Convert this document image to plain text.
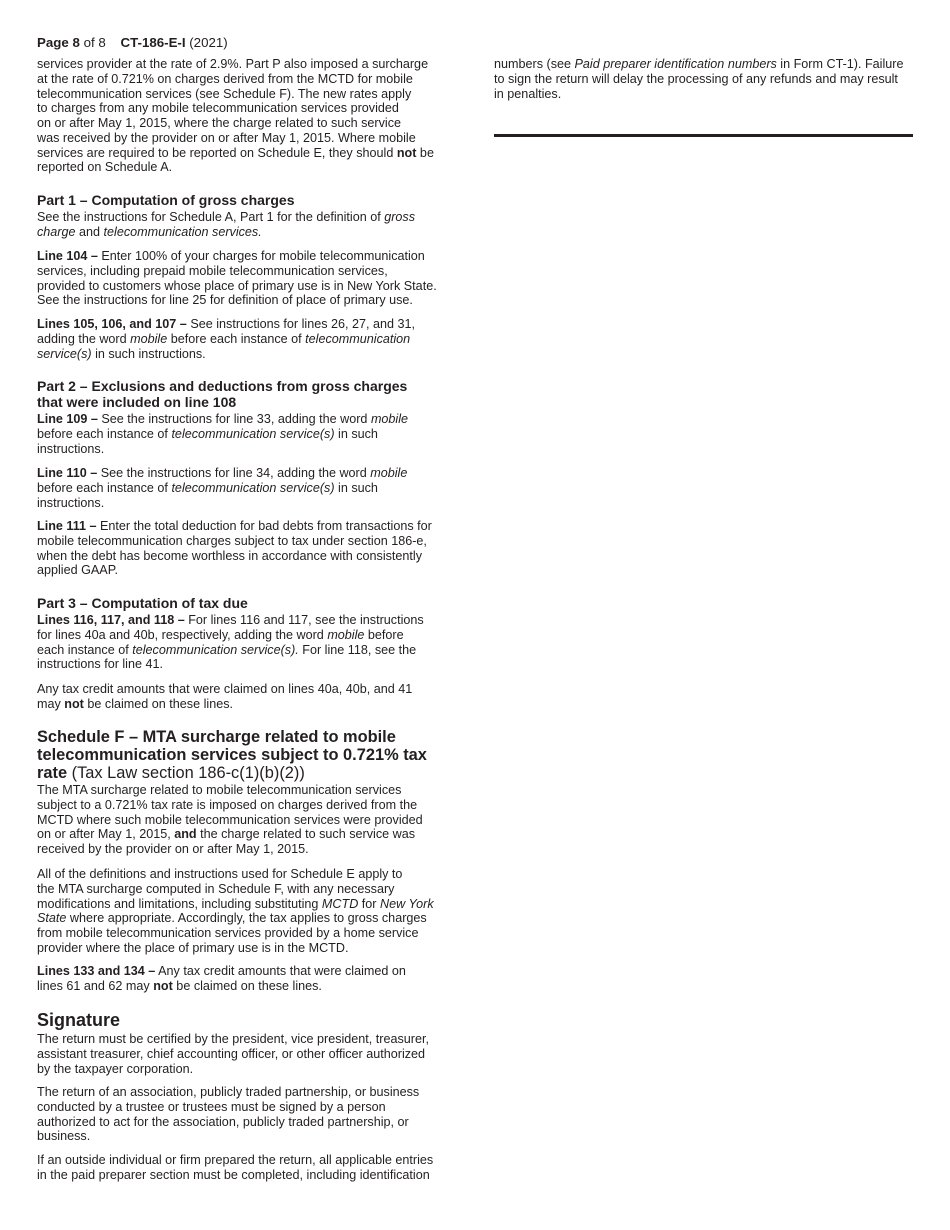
Page 8 of 8 CT-186-E-I (2021)
services provider at the rate of 2.9%. Part P also imposed a surcharge
at the rate of 0.721% on charges derived from the MCTD for mobile
telecommunication services (see Schedule F). The new rates apply
to charges from any mobile telecommunication services provided
on or after May 1, 2015, where the charge related to such service
was received by the provider on or after May 1, 2015. Where mobile
services are required to be reported on Schedule E, they should not be
reported on Schedule A.
Part 1 – Computation of gross charges
See the instructions for Schedule A, Part 1 for the definition of gross
charge and telecommunication services.
Line 104 – Enter 100% of your charges for mobile telecommunication
services, including prepaid mobile telecommunication services,
provided to customers whose place of primary use is in New York State.
See the instructions for line 25 for definition of place of primary use.
Lines 105, 106, and 107 – See instructions for lines 26, 27, and 31,
adding the word mobile before each instance of telecommunication
service(s) in such instructions.
Part 2 – Exclusions and deductions from gross charges
that were included on line 108
Line 109 – See the instructions for line 33, adding the word mobile
before each instance of telecommunication service(s) in such
instructions.
Line 110 – See the instructions for line 34, adding the word mobile
before each instance of telecommunication service(s) in such
instructions.
Line 111 – Enter the total deduction for bad debts from transactions for
mobile telecommunication charges subject to tax under section 186-e,
when the debt has become worthless in accordance with consistently
applied GAAP.
Part 3 – Computation of tax due
Lines 116, 117, and 118 – For lines 116 and 117, see the instructions
for lines 40a and 40b, respectively, adding the word mobile before
each instance of telecommunication service(s). For line 118, see the
instructions for line 41.
Any tax credit amounts that were claimed on lines 40a, 40b, and 41
may not be claimed on these lines.
Schedule F – MTA surcharge related to mobile
telecommunication services subject to 0.721% tax
rate (Tax Law section 186-c(1)(b)(2))
The MTA surcharge related to mobile telecommunication services
subject to a 0.721% tax rate is imposed on charges derived from the
MCTD where such mobile telecommunication services were provided
on or after May 1, 2015, and the charge related to such service was
received by the provider on or after May 1, 2015.
All of the definitions and instructions used for Schedule E apply to
the MTA surcharge computed in Schedule F, with any necessary
modifications and limitations, including substituting MCTD for New York
State where appropriate. Accordingly, the tax applies to gross charges
from mobile telecommunication services provided by a home service
provider where the place of primary use is in the MCTD.
Lines 133 and 134 – Any tax credit amounts that were claimed on
lines 61 and 62 may not be claimed on these lines.
Signature
The return must be certified by the president, vice president, treasurer,
assistant treasurer, chief accounting officer, or other officer authorized
by the taxpayer corporation.
The return of an association, publicly traded partnership, or business
conducted by a trustee or trustees must be signed by a person
authorized to act for the association, publicly traded partnership, or
business.
If an outside individual or firm prepared the return, all applicable entries
in the paid preparer section must be completed, including identification
numbers (see Paid preparer identification numbers in Form CT-1). Failure
to sign the return will delay the processing of any refunds and may result
in penalties.
